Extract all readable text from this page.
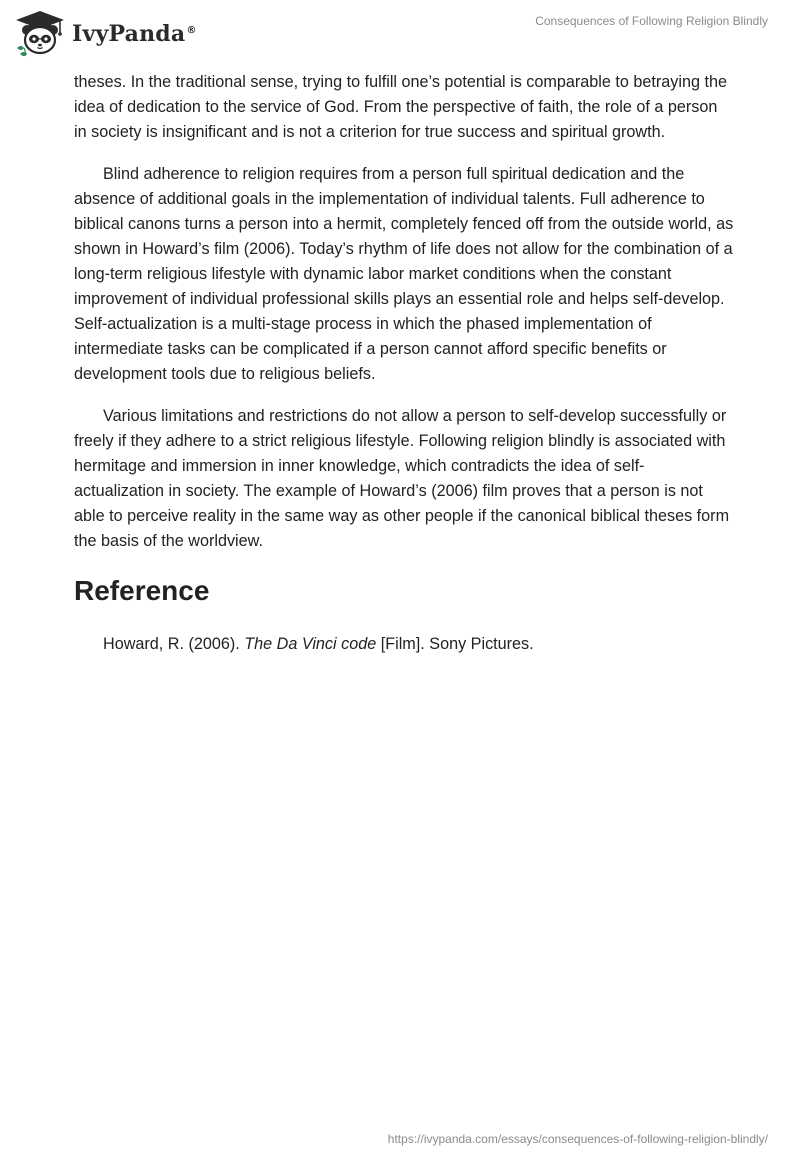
IvyPanda®
Consequences of Following Religion Blindly

theses. In the traditional sense, trying to fulfill one’s potential is comparable to betraying the idea of dedication to the service of God. From the perspective of faith, the role of a person in society is insignificant and is not a criterion for true success and spiritual growth.

Blind adherence to religion requires from a person full spiritual dedication and the absence of additional goals in the implementation of individual talents. Full adherence to biblical canons turns a person into a hermit, completely fenced off from the outside world, as shown in Howard’s film (2006). Today’s rhythm of life does not allow for the combination of a long-term religious lifestyle with dynamic labor market conditions when the constant improvement of individual professional skills plays an essential role and helps self-develop. Self-actualization is a multi-stage process in which the phased implementation of intermediate tasks can be complicated if a person cannot afford specific benefits or development tools due to religious beliefs.

Various limitations and restrictions do not allow a person to self-develop successfully or freely if they adhere to a strict religious lifestyle. Following religion blindly is associated with hermitage and immersion in inner knowledge, which contradicts the idea of self-actualization in society. The example of Howard’s (2006) film proves that a person is not able to perceive reality in the same way as other people if the canonical biblical theses form the basis of the worldview.

Reference

Howard, R. (2006). The Da Vinci code [Film]. Sony Pictures.

https://ivypanda.com/essays/consequences-of-following-religion-blindly/
